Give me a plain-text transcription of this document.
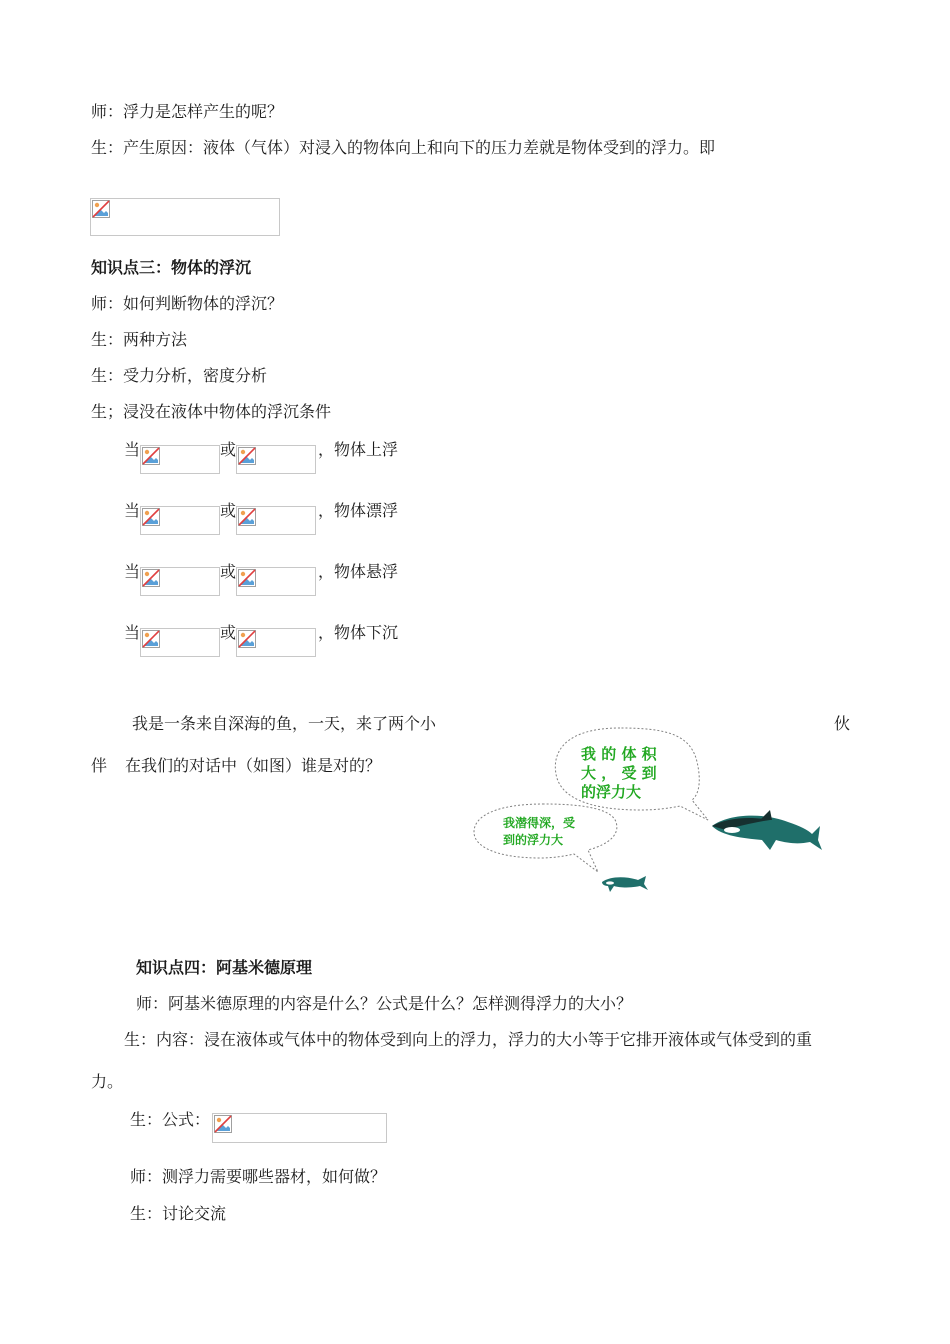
师：浮力是怎样产生的呢？
生：产生原因：液体（气体）对浸入的物体向上和向下的压力差就是物体受到的浮力。即
知识点三：物体的浮沉
师：如何判断物体的浮沉？
生：两种方法
生：受力分析，密度分析
生；浸没在液体中物体的浮沉条件
当	或	，物体上浮
当	或	，物体漂浮
当	或	，物体悬浮
当	或	，物体下沉
我是一条来自深海的鱼，一天，来了两个小	伙
伴 在我们的对话中（如图）谁是对的？
我 的 体 积
大 ， 受 到
的浮力大
我潜得深，受
到的浮力大
知识点四：阿基米德原理
师：阿基米德原理的内容是什么？公式是什么？怎样测得浮力的大小？
生：内容：浸在液体或气体中的物体受到向上的浮力，浮力的大小等于它排开液体或气体受到的重
力。
生：公式：
师：测浮力需要哪些器材，如何做？
生：讨论交流
